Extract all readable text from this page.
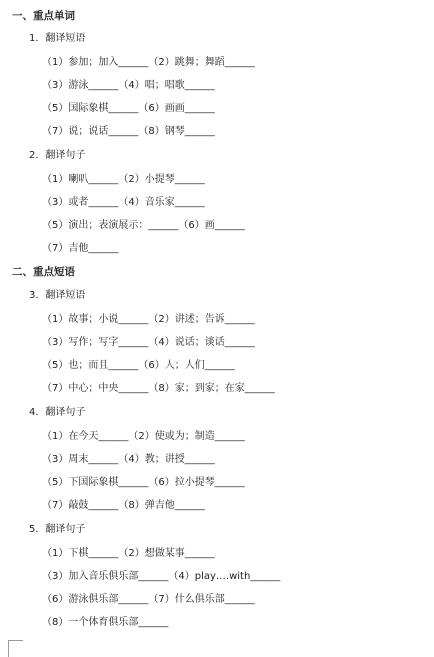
一、重点单词
1．翻译短语
（1）参加；加入______（2）跳舞；舞蹈______
（3）游泳______（4）唱；唱歌______
（5）国际象棋______（6）画画______
（7）说；说话______（8）钢琴______
2．翻译句子
（1）喇叭______（2）小提琴______
（3）或者______（4）音乐家______
（5）演出；表演展示：______（6）画______
（7）吉他______
二、重点短语
3．翻译短语
（1）故事；小说______（2）讲述；告诉______
（3）写作；写字______（4）说话；谈话______
（5）也；而且______（6）人；人们______
（7）中心；中央______（8）家；到家；在家______
4．翻译句子
（1）在今天______（2）使或为；制造______
（3）周末______（4）教；讲授______
（5）下国际象棋______（6）拉小提琴______
（7）敲鼓______（8）弹吉他______
5．翻译句子
（1）下棋______（2）想做某事______
（3）加入音乐俱乐部______（4）play….with______
（6）游泳俱乐部______（7）什么俱乐部______
（8）一个体育俱乐部______
